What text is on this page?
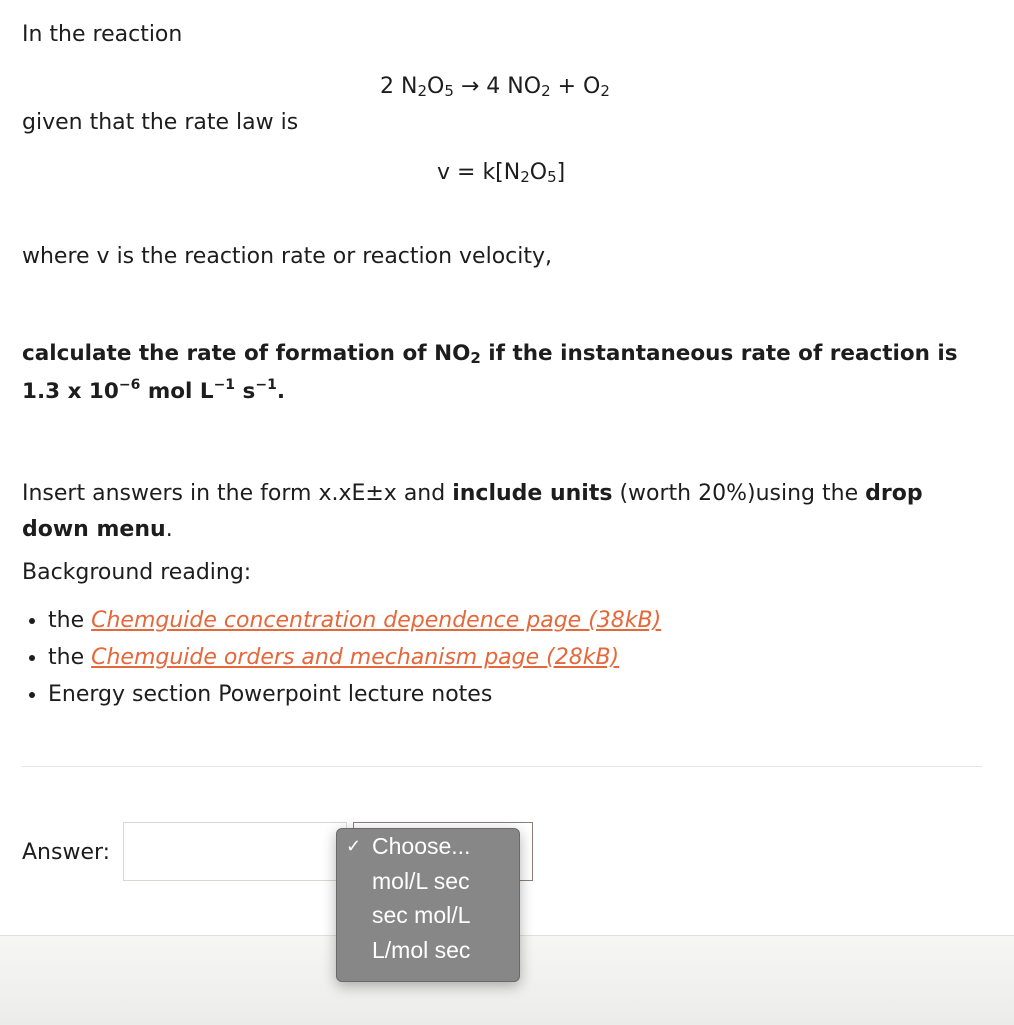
In the reaction
2 $N_2O_5 \to 4$ $NO_2 + O_2$
given that the rate law is
$v = k[N_2O_5]$
where v is the reaction rate or reaction velocity,
calculate the rate of formation of $NO_2$ if the instantaneous rate of reaction is
1.3 x $10^{-6}$ mol $L^{-1}$ $s^{-1}$.
Insert answers in the form x.xE±x and include units (worth 20%)using the drop
down menu.
Background reading:
• the Chemguide concentration dependence page (38kB)
• the Chemguide orders and mechanism page (28kB)
• Energy section Powerpoint lecture notes
Answer:	✓ Choose...
mol/L sec
sec mol/L
L/mol sec
